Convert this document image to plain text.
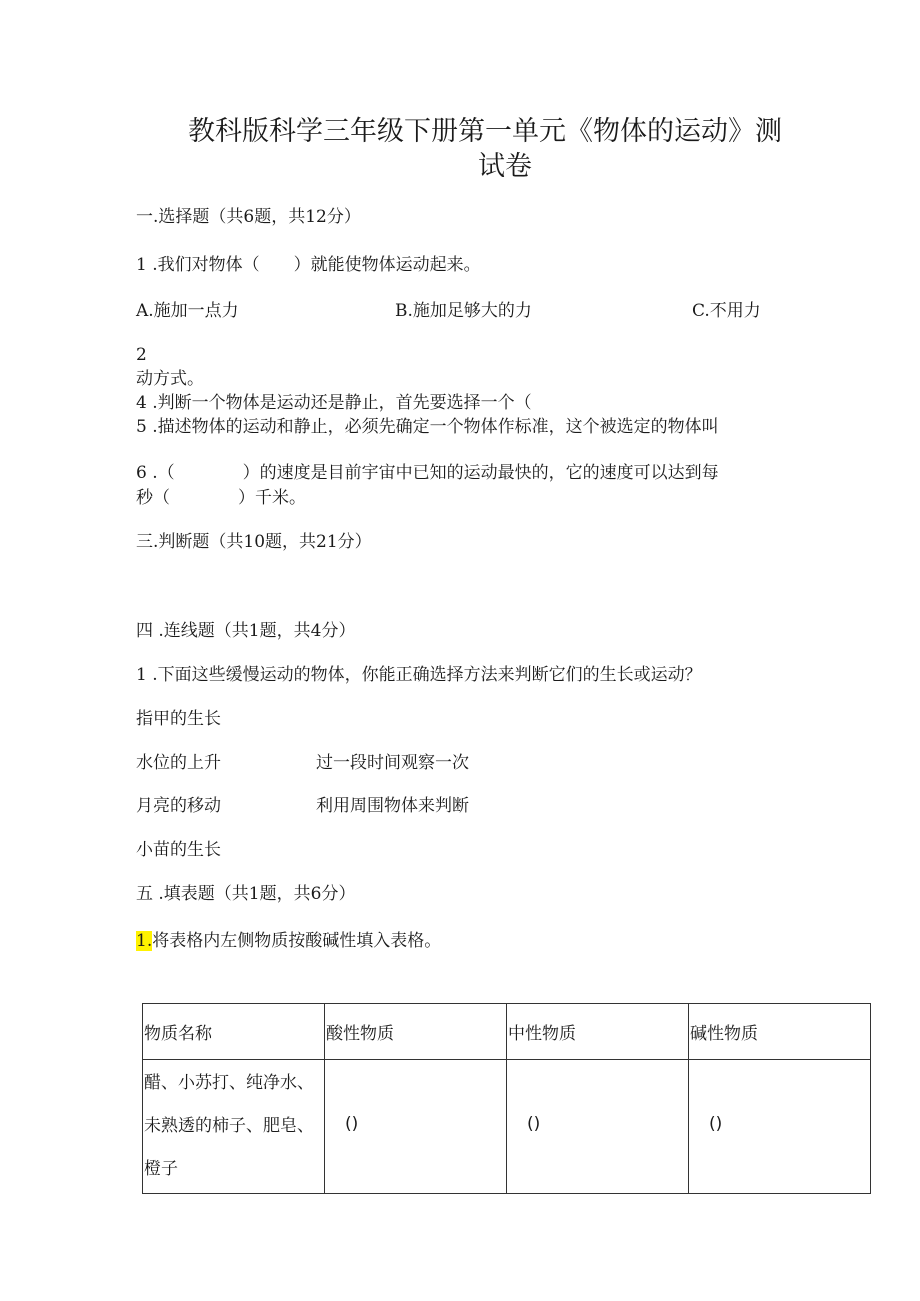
教科版科学三年级下册第一单元《物体的运动》测
试卷
一.选择题（共6题，共12分）
1 .我们对物体（　　）就能使物体运动起来。
A.施加一点力	B.施加足够大的力	C.不用力
2
动方式。
4 .判断一个物体是运动还是静止，首先要选择一个（
5 .描述物体的运动和静止，必须先确定一个物体作标准，这个被选定的物体叫
6 .（　　　　）的速度是目前宇宙中已知的运动最快的，它的速度可以达到每
秒（　　　　）千米。
三.判断题（共10题，共21分）
四 .连线题（共1题，共4分）
1 .下面这些缓慢运动的物体，你能正确选择方法来判断它们的生长或运动？
指甲的生长
水位的上升	过一段时间观察一次
月亮的移动	利用周围物体来判断
小苗的生长
五 .填表题（共1题，共6分）
1.将表格内左侧物质按酸碱性填入表格。
物质名称	酸性物质	中性物质	碱性物质

醋、小苏打、纯净水、未熟透的柿子、肥皂、橙子	()	()	()
